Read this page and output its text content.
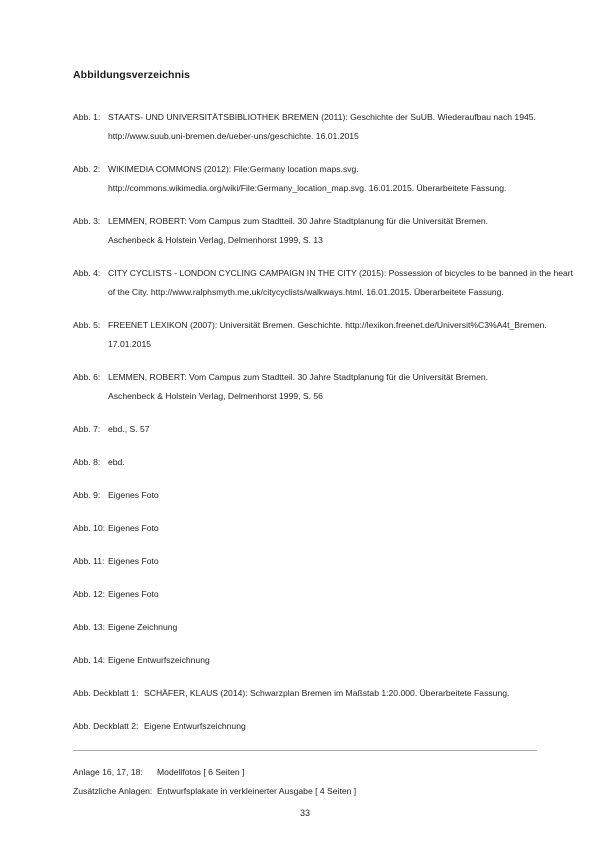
Abbildungsverzeichnis
Abb. 1: STAATS- UND UNIVERSITÄTSBIBLIOTHEK BREMEN (2011): Geschichte der SuUB. Wiederaufbau nach 1945.
http://www.suub.uni-bremen.de/ueber-uns/geschichte. 16.01.2015
Abb. 2: WIKIMEDIA COMMONS (2012): File:Germany location maps.svg.
http://commons.wikimedia.org/wiki/File:Germany_location_map.svg. 16.01.2015. Überarbeitete Fassung.
Abb. 3: LEMMEN, ROBERT: Vom Campus zum Stadtteil. 30 Jahre Stadtplanung für die Universität Bremen.
Aschenbeck & Holstein Verlag, Delmenhorst 1999, S. 13
Abb. 4: CITY CYCLISTS - LONDON CYCLING CAMPAIGN IN THE CITY (2015): Possession of bicycles to be banned in the heart
of the City. http://www.ralphsmyth.me.uk/citycyclists/walkways.html. 16.01.2015. Überarbeitete Fassung.
Abb. 5: FREENET LEXIKON (2007): Universität Bremen. Geschichte. http://lexikon.freenet.de/Universit%C3%A4t_Bremen.
17.01.2015
Abb. 6: LEMMEN, ROBERT: Vom Campus zum Stadtteil. 30 Jahre Stadtplanung für die Universität Bremen.
Aschenbeck & Holstein Verlag, Delmenhorst 1999, S. 56
Abb. 7: ebd., S. 57
Abb. 8: ebd.
Abb. 9: Eigenes Foto
Abb. 10: Eigenes Foto
Abb. 11: Eigenes Foto
Abb. 12: Eigenes Foto
Abb. 13: Eigene Zeichnung
Abb. 14: Eigene Entwurfszeichnung
Abb. Deckblatt 1: SCHÄFER, KLAUS (2014): Schwarzplan Bremen im Maßstab 1:20.000. Überarbeitete Fassung.
Abb. Deckblatt 2: Eigene Entwurfszeichnung
Anlage 16, 17, 18:	Modellfotos [ 6 Seiten ]
Zusätzliche Anlagen: Entwurfsplakate in verkleinerter Ausgabe [ 4 Seiten ]
33
